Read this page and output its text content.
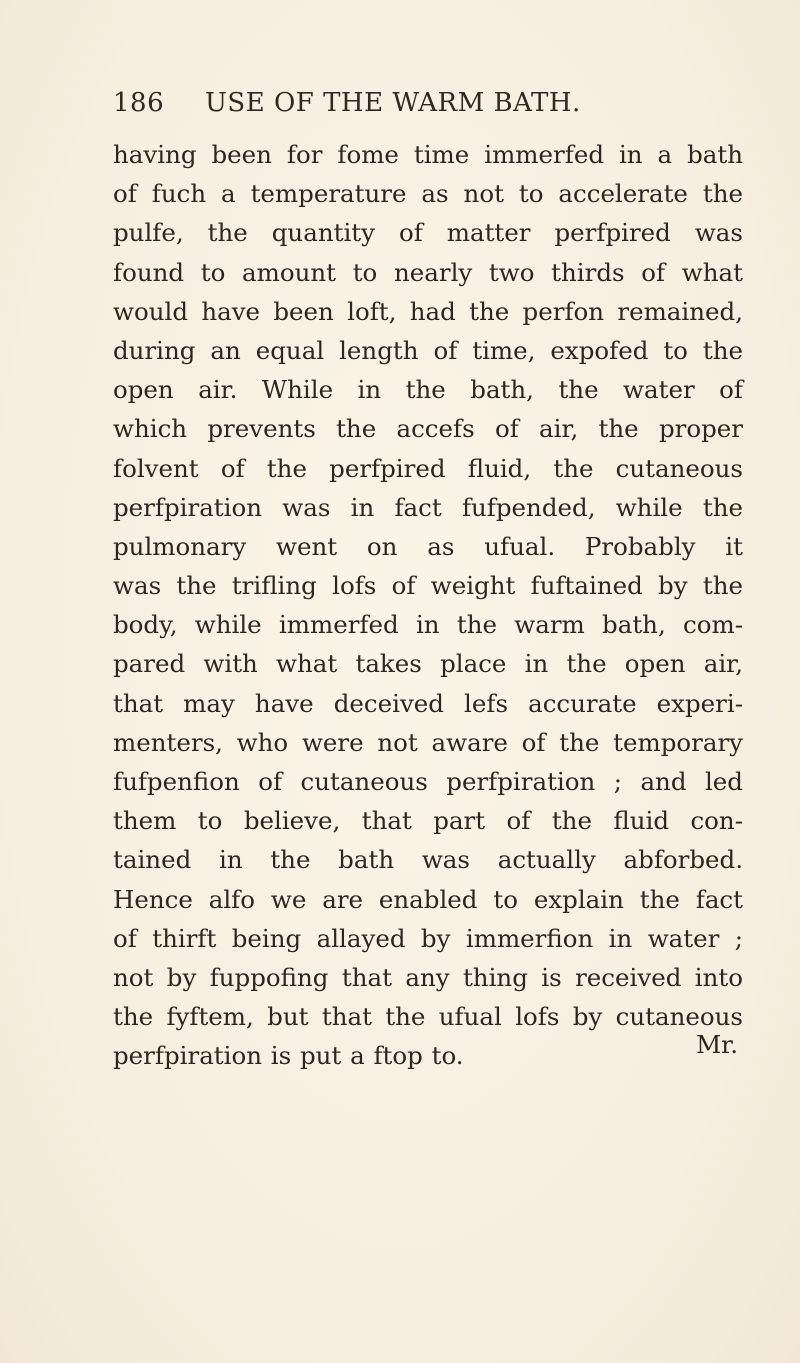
186 USE OF THE WARM BATH.
having been for fome time immerfed in a bath
of fuch a temperature as not to accelerate the
pulfe, the quantity of matter perfpired was
found to amount to nearly two thirds of what
would have been loft, had the perfon remained,
during an equal length of time, expofed to the
open air. While in the bath, the water of
which prevents the accefs of air, the proper
folvent of the perfpired fluid, the cutaneous
perfpiration was in fact fufpended, while the
pulmonary went on as ufual. Probably it
was the trifling lofs of weight fuftained by the
body, while immerfed in the warm bath, com-
pared with what takes place in the open air,
that may have deceived lefs accurate experi-
menters, who were not aware of the temporary
fufpenfion of cutaneous perfpiration ; and led
them to believe, that part of the fluid con-
tained in the bath was actually abforbed.
Hence alfo we are enabled to explain the fact
of thirft being allayed by immerfion in water ;
not by fuppofing that any thing is received into
the fyftem, but that the ufual lofs by cutaneous
perfpiration is put a ftop to.	Mr.
